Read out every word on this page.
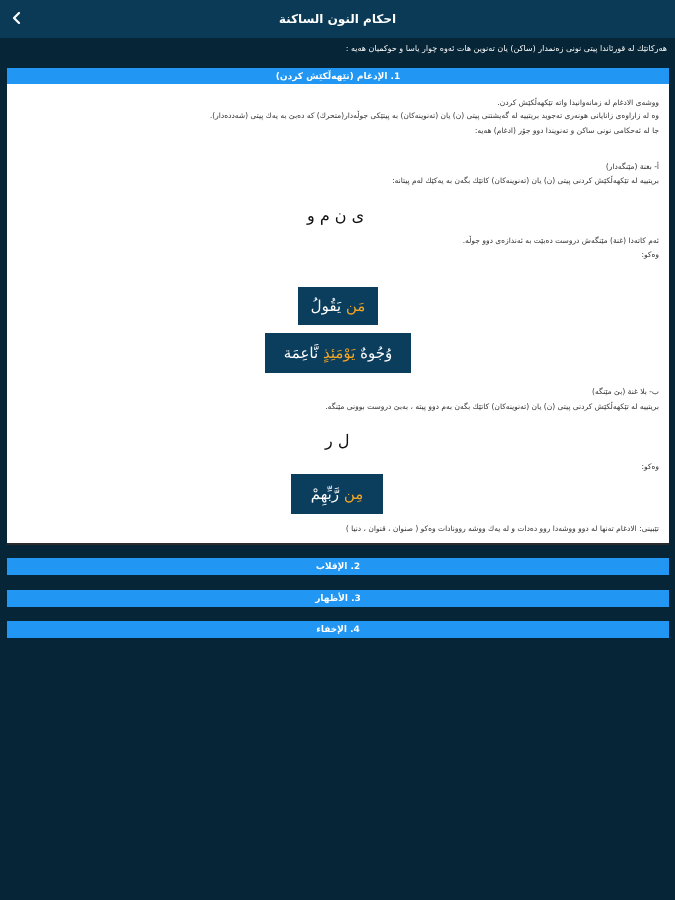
احكام النون الساكنة
هەرکاتێك لە قورئاندا پیتی نونی زەنمدار (ساكن) یان تەنوین هات ئەوە چوار یاسا و حوکمیان هەیە :
1. الإدغام (تێهەڵکێش کردن)

ووشەی الادغام لە زمانەوانیدا واتە تێکهەڵکێش کردن.

وە لە زاراوەی زانایانی هونەری تەجوید بریتییە لە گەیشتنی پیتی (ن) یان (تەنوینەکان) بە پیتێکی جوڵەدار(متحرك) کە دەبێ بە یەك پیتی (شەددەدار).

جا لە ئەحکامی نونی ساکن و تەنویندا دوو جۆر (ادغام) هەیە:

أ- بغنة (مێنگەدار)

بریتییە لە تێکهەڵکێش کردنی پیتی (ن) یان (تەنوینەکان) کاتێك بگەن بە یەکێك لەم پیتانە:

ی ن م و

ئەم کاتەدا (غنة) مێنگەش دروست دەبێت بە ئەندازەی دوو جوڵە.

وەکو:

مَن

يَقُولُ
وُجُوهٌ

يَوْمَئِذٍ

نَّاعِمَة

ب- بلا غنة (بێ مێنگە)

بریتییە لە تێکهەڵکێش کردنی پیتی (ن) یان (تەنوینەکان) کاتێك بگەن بەم دوو پیتە ، بەبێ دروست بوونی مێنگە.

ل ر

وەکو:

مِن

رَّبِّهِمْ

تێبینی: الادغام تەنها لە دوو ووشەدا روو دەدات و لە یەك ووشە روونادات وەکو ( صنوان ، قنوان ، دنیا )

2. الإقلاب
3. الأظهار
4. الإخفاء
